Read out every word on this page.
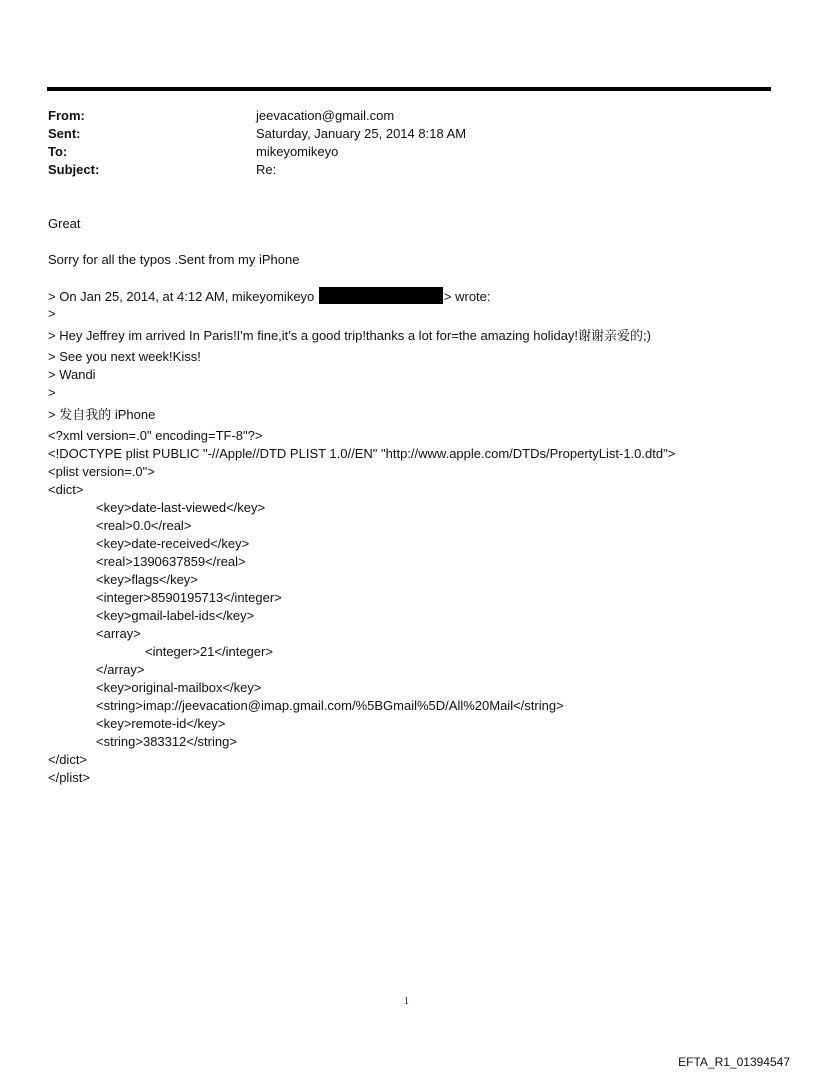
From:	jeevacation@gmail.com
Sent:	Saturday, January 25, 2014 8:18 AM
To:	mikeyomikeyo
Subject:	Re:
Great
Sorry for all the typos .Sent from my iPhone
> On Jan 25, 2014, at 4:12 AM, mikeyomikeyo	> wrote:
>
> Hey Jeffrey im arrived In Paris!I'm fine,it's a good trip!thanks a lot for=the amazing holiday!谢谢亲爱的;)
> See you next week!Kiss!
> Wandi
>
> 发自我的 iPhone
<?xml version=.0" encoding=TF-8"?>
<!DOCTYPE plist PUBLIC "-//Apple//DTD PLIST 1.0//EN" "http://www.apple.com/DTDs/PropertyList-1.0.dtd">
<plist version=.0">
<dict>
<key>date-last-viewed</key>
<real>0.0</real>
<key>date-received</key>
<real>1390637859</real>
<key>flags</key>
<integer>8590195713</integer>
<key>gmail-label-ids</key>
<array>
<integer>21</integer>
</array>
<key>original-mailbox</key>
<string>imap://jeevacation@imap.gmail.com/%5BGmail%5D/All%20Mail</string>
<key>remote-id</key>
<string>383312</string>
</dict>
</plist>
1
EFTA_R1_01394547
